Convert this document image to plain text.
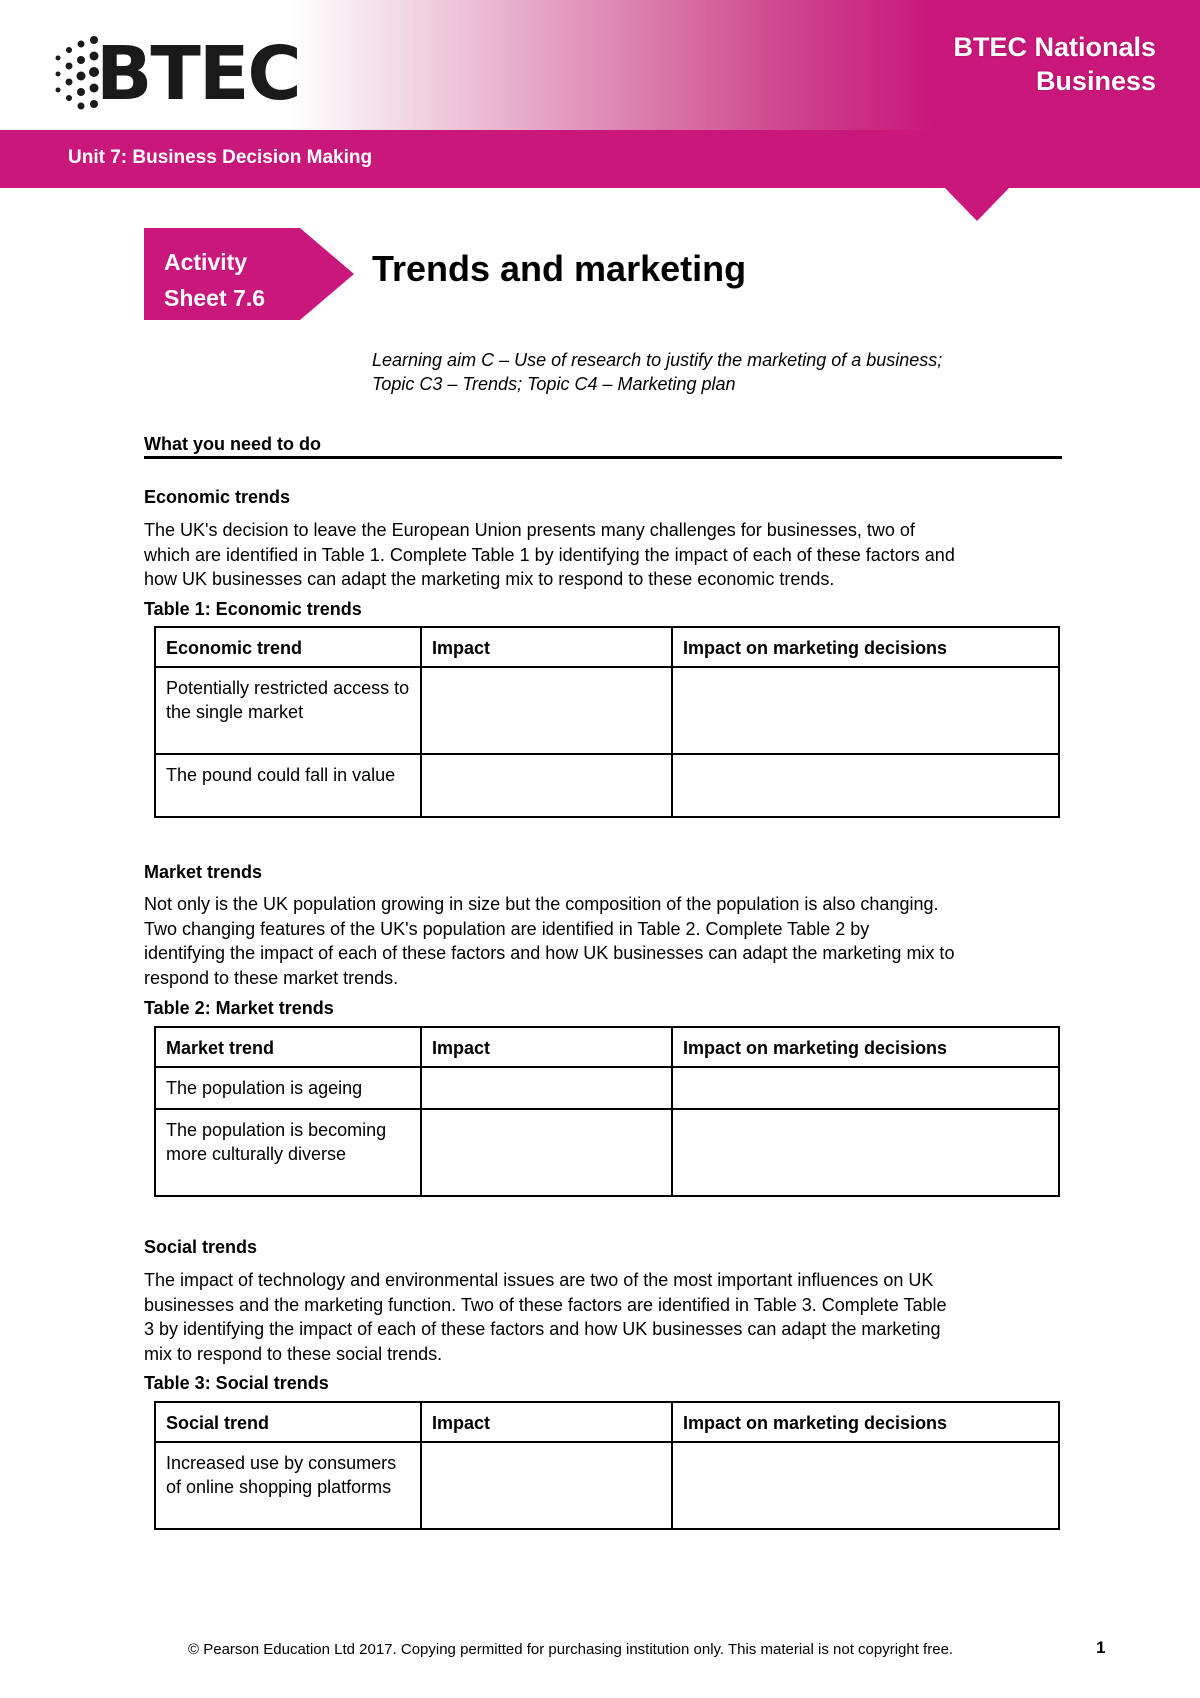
BTEC	BTEC Nationals
Business
Unit 7: Business Decision Making
Activity
Sheet 7.6
Trends and marketing
Learning aim C – Use of research to justify the marketing of a business;
Topic C3 – Trends; Topic C4 – Marketing plan
What you need to do
Economic trends
The UK's decision to leave the European Union presents many challenges for businesses, two of
which are identified in Table 1. Complete Table 1 by identifying the impact of each of these factors and
how UK businesses can adapt the marketing mix to respond to these economic trends.
Table 1: Economic trends
Economic trend	Impact	Impact on marketing decisions
Potentially restricted access to the single market		
The pound could fall in value		
Market trends
Not only is the UK population growing in size but the composition of the population is also changing.
Two changing features of the UK's population are identified in Table 2. Complete Table 2 by
identifying the impact of each of these factors and how UK businesses can adapt the marketing mix to
respond to these market trends.
Table 2: Market trends
Market trend	Impact	Impact on marketing decisions
The population is ageing		
The population is becoming more culturally diverse		
Social trends
The impact of technology and environmental issues are two of the most important influences on UK
businesses and the marketing function. Two of these factors are identified in Table 3. Complete Table
3 by identifying the impact of each of these factors and how UK businesses can adapt the marketing
mix to respond to these social trends.
Table 3: Social trends
Social trend	Impact	Impact on marketing decisions
Increased use by consumers of online shopping platforms		
© Pearson Education Ltd 2017. Copying permitted for purchasing institution only. This material is not copyright free.	1
